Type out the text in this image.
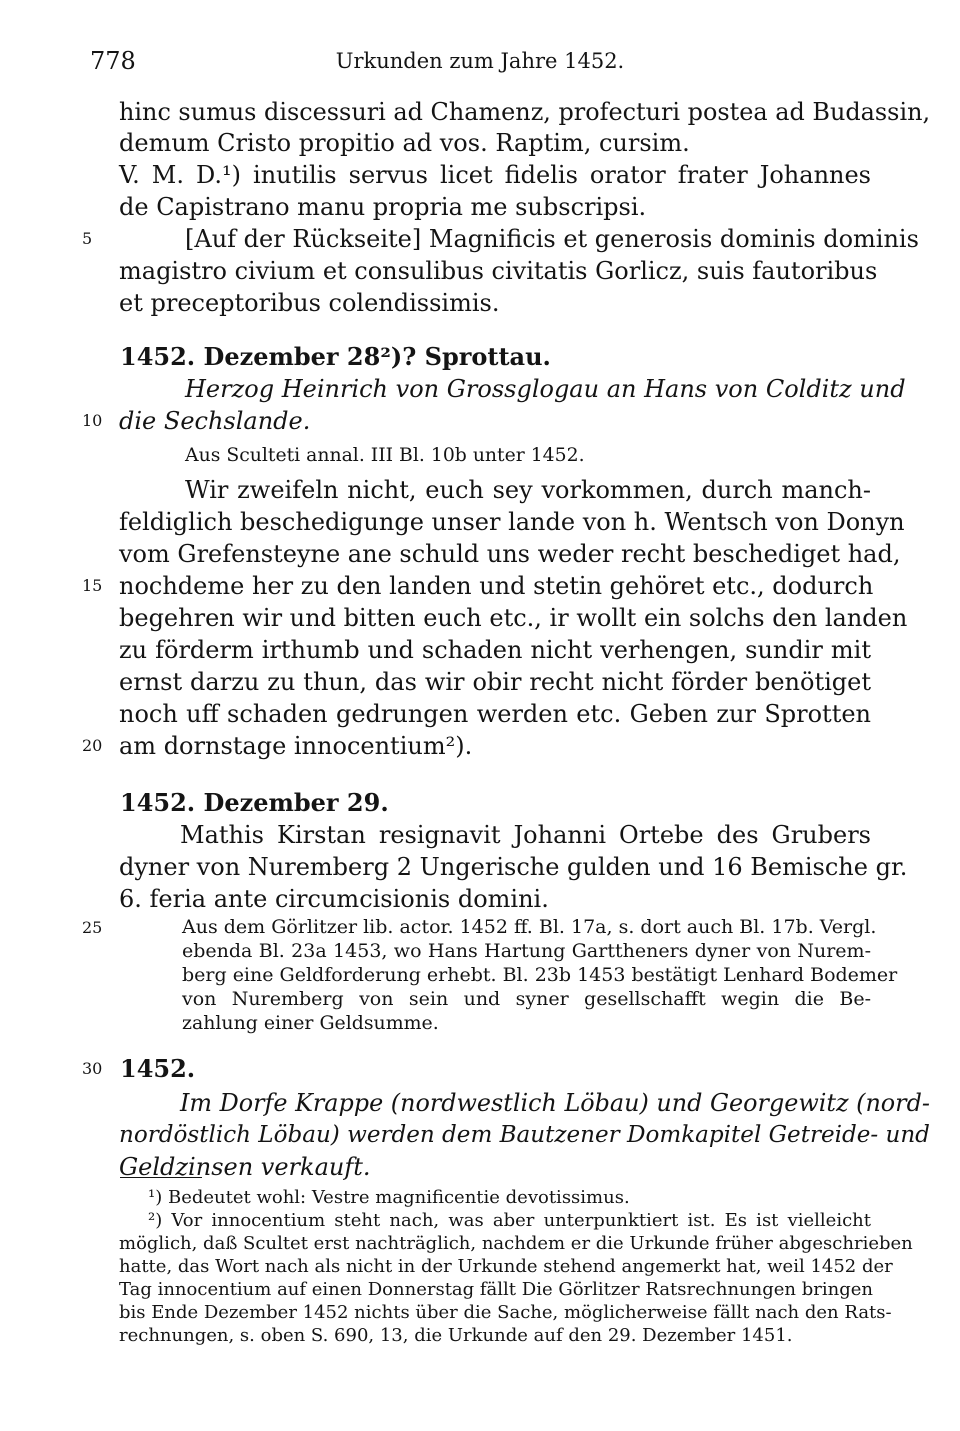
778	Urkunden zum Jahre 1452.
hinc sumus discessuri ad Chamenz, profecturi postea ad Budassin,
demum Cristo propitio ad vos. Raptim, cursim.
V. M. D.¹) inutilis servus licet fidelis orator frater Johannes
de Capistrano manu propria me subscripsi.
5	[Auf der Rückseite] Magnificis et generosis dominis dominis
magistro civium et consulibus civitatis Gorlicz, suis fautoribus
et preceptoribus colendissimis.
1452. Dezember 28²)? Sprottau.
Herzog Heinrich von Grossglogau an Hans von Colditz und
10 die Sechslande.
Aus Sculteti annal. III Bl. 10b unter 1452.
Wir zweifeln nicht, euch sey vorkommen, durch manch-
feldiglich beschedigunge unser lande von h. Wentsch von Donyn
vom Grefensteyne ane schuld uns weder recht beschediget had,
15 nochdeme her zu den landen und stetin gehöret etc., dodurch
begehren wir und bitten euch etc., ir wollt ein solchs den landen
zu förderm irthumb und schaden nicht verhengen, sundir mit
ernst darzu zu thun, das wir obir recht nicht förder benötiget
noch uff schaden gedrungen werden etc. Geben zur Sprotten
20 am dornstage innocentium²).
1452. Dezember 29.
Mathis Kirstan resignavit Johanni Ortebe des Grubers
dyner von Nuremberg 2 Ungerische gulden und 16 Bemische gr.
6. feria ante circumcisionis domini.
25	Aus dem Görlitzer lib. actor. 1452 ff. Bl. 17a, s. dort auch Bl. 17b. Vergl.
ebenda Bl. 23a 1453, wo Hans Hartung Garttheners dyner von Nurem-
berg eine Geldforderung erhebt. Bl. 23b 1453 bestätigt Lenhard Bodemer
von Nuremberg von sein und syner gesellschafft wegin die Be-
zahlung einer Geldsumme.
30 1452.
Im Dorfe Krappe (nordwestlich Löbau) und Georgewitz (nord-
nordöstlich Löbau) werden dem Bautzener Domkapitel Getreide- und
Geldzinsen verkauft.
¹) Bedeutet wohl: Vestre magnificentie devotissimus.
²) Vor innocentium steht nach, was aber unterpunktiert ist. Es ist vielleicht
möglich, daß Scultet erst nachträglich, nachdem er die Urkunde früher abgeschrieben
hatte, das Wort nach als nicht in der Urkunde stehend angemerkt hat, weil 1452 der
Tag innocentium auf einen Donnerstag fällt Die Görlitzer Ratsrechnungen bringen
bis Ende Dezember 1452 nichts über die Sache, möglicherweise fällt nach den Rats-
rechnungen, s. oben S. 690, 13, die Urkunde auf den 29. Dezember 1451.
